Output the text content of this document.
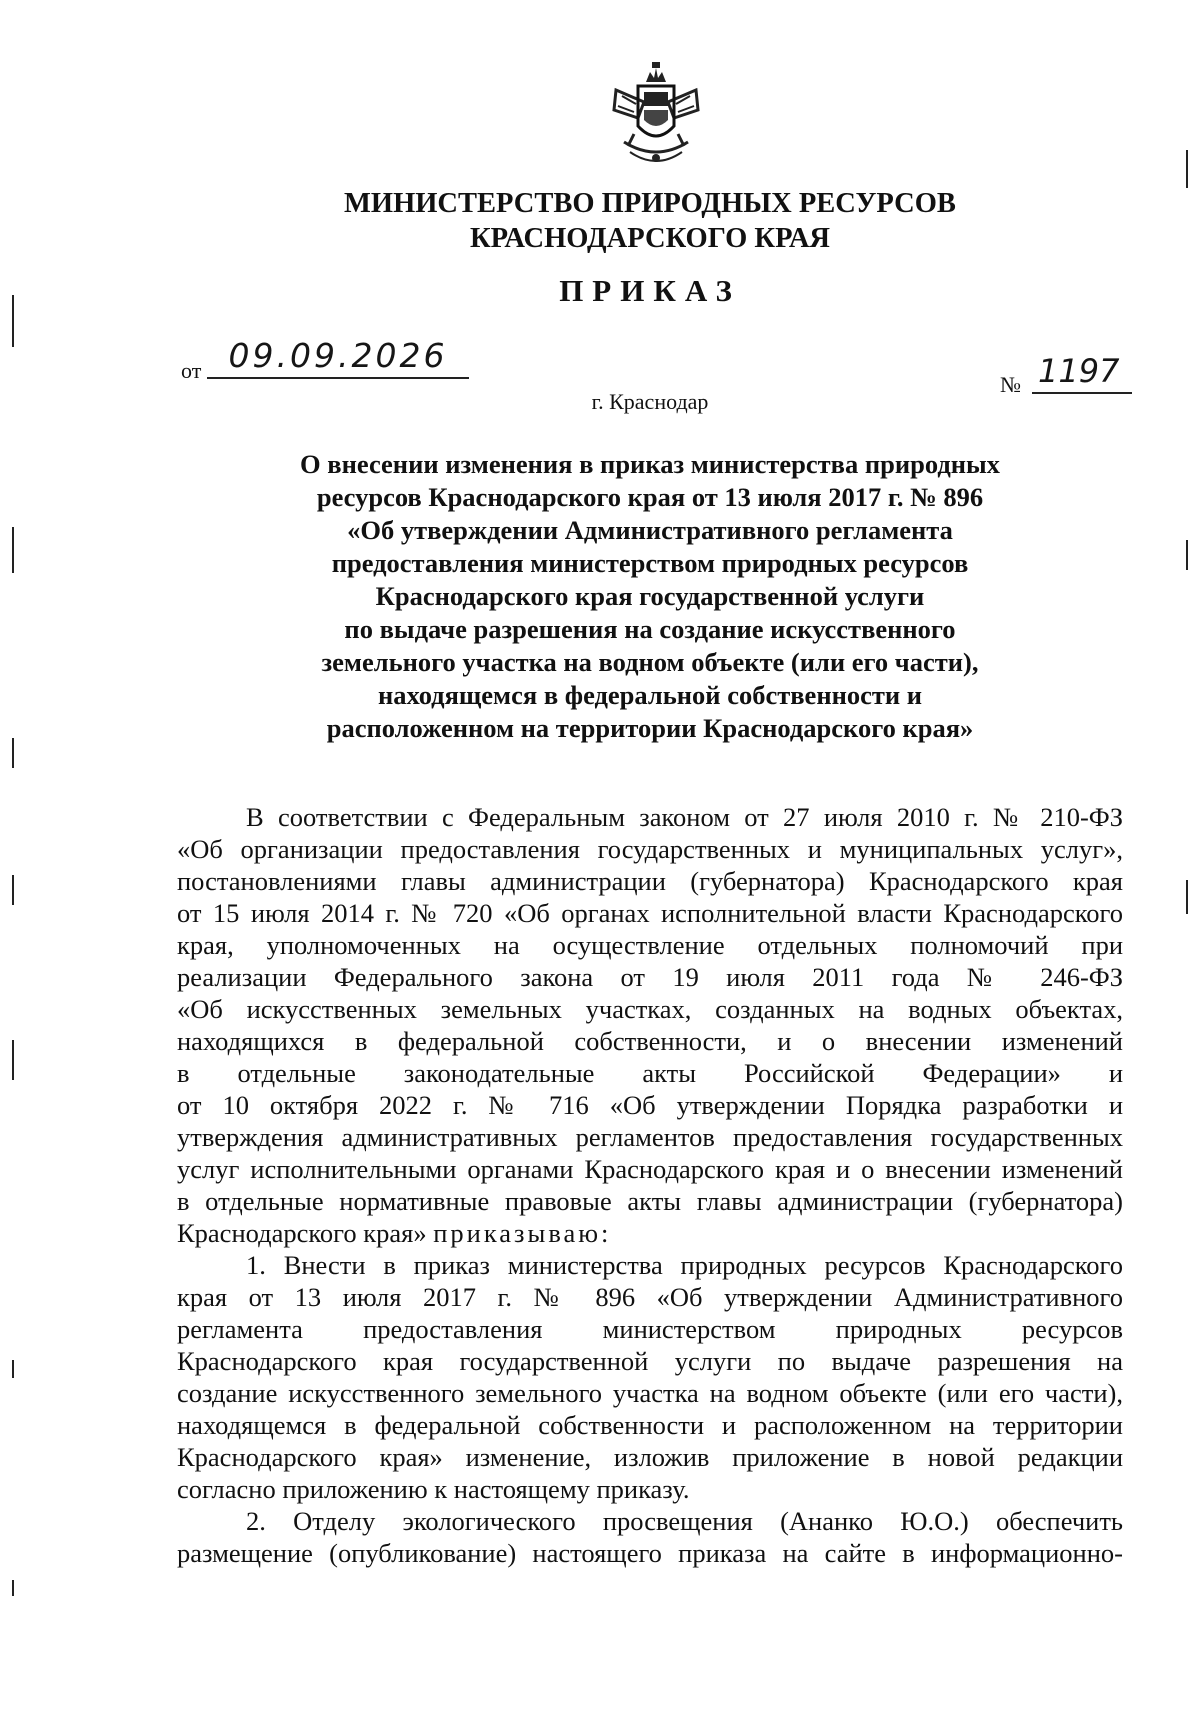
МИНИСТЕРСТВО ПРИРОДНЫХ РЕСУРСОВ
КРАСНОДАРСКОГО КРАЯ
ПРИКАЗ
от 09.09.2026
№ 1197
г. Краснодар
О внесении изменения в приказ министерства природных
ресурсов Краснодарского края от 13 июля 2017 г. № 896
«Об утверждении Административного регламента
предоставления министерством природных ресурсов
Краснодарского края государственной услуги
по выдаче разрешения на создание искусственного
земельного участка на водном объекте (или его части),
находящемся в федеральной собственности и
расположенном на территории Краснодарского края»
В соответствии с Федеральным законом от 27 июля 2010 г. № 210-ФЗ
«Об организации предоставления государственных и муниципальных услуг»,
постановлениями главы администрации (губернатора) Краснодарского края
от 15 июля 2014 г. № 720 «Об органах исполнительной власти Краснодарского
края, уполномоченных на осуществление отдельных полномочий при
реализации Федерального закона от 19 июля 2011 года № 246-ФЗ
«Об искусственных земельных участках, созданных на водных объектах,
находящихся в федеральной собственности, и о внесении изменений
в отдельные законодательные акты Российской Федерации» и
от 10 октября 2022 г. № 716 «Об утверждении Порядка разработки и
утверждения административных регламентов предоставления государственных
услуг исполнительными органами Краснодарского края и о внесении изменений
в отдельные нормативные правовые акты главы администрации (губернатора)
Краснодарского края» приказываю:
1. Внести в приказ министерства природных ресурсов Краснодарского
края от 13 июля 2017 г. № 896 «Об утверждении Административного
регламента предоставления министерством природных ресурсов
Краснодарского края государственной услуги по выдаче разрешения на
создание искусственного земельного участка на водном объекте (или его части),
находящемся в федеральной собственности и расположенном на территории
Краснодарского края» изменение, изложив приложение в новой редакции
согласно приложению к настоящему приказу.
2. Отделу экологического просвещения (Ананко Ю.О.) обеспечить
размещение (опубликование) настоящего приказа на сайте в информационно-
